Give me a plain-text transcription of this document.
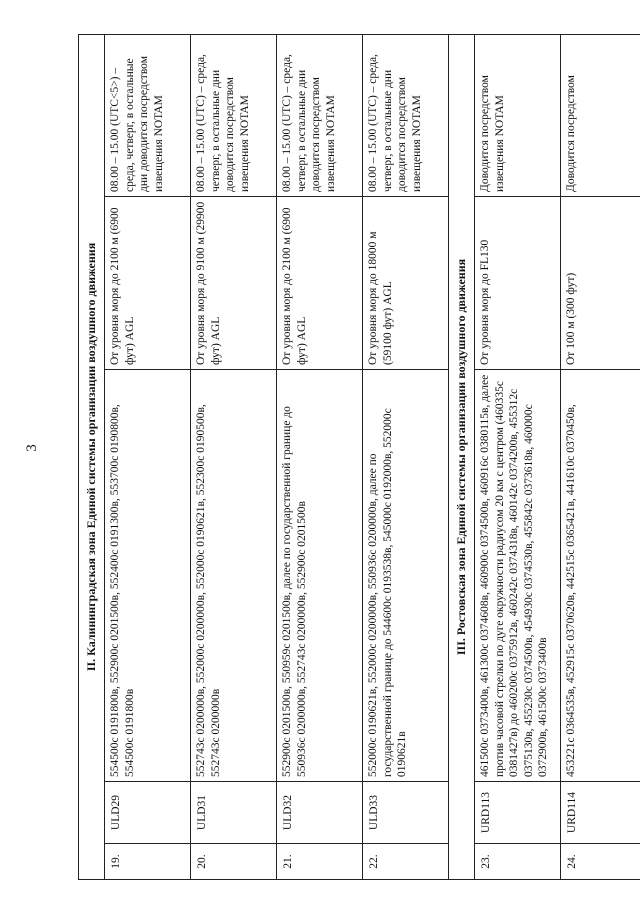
3	II. Калининградская зона Единой системы организации воздушного движения				
19.	ULD29	554500с 0191800в, 552900с 0201500в, 552400с 0191300в, 553700с 0190800в, 554500с 0191800в	От уровня моря до 2100 м (6900 фут) AGL	08.00 – 15.00 (UTC<5>) – среда, четверг, в остальные дни доводится посредством извещения NOTAM
20.	ULD31	552743с 0200000в, 552000с 0200000в, 552000с 0190621в, 552300с 0190500в, 552743с 0200000в	От уровня моря до 9100 м (29900 фут) AGL	08.00 – 15.00 (UTC) – среда, четверг, в остальные дни доводится посредством извещения NOTAM
21.	ULD32	552900с 0201500в, 550959с 0201500в, далее по государственной границе до 550936с 0200000в, 552743с 0200000в, 552900с 0201500в	От уровня моря до 2100 м (6900 фут) AGL	08.00 – 15.00 (UTC) – среда, четверг, в остальные дни доводится посредством извещения NOTAM
22.	ULD33	552000с 0190621в, 552000с 0200000в, 550936с 0200000в, далее по государственной границе до 544600с 0193538в, 545000с 0192000в, 552000с 0190621в	От уровня моря до 18000 м (59100 фут) AGL	08.00 – 15.00 (UTC) – среда, четверг, в остальные дни доводится посредством извещения NOTAM
III. Ростовская зона Единой системы организации воздушного движения				
23.	URD113	461500с 0373400в, 461300с 0374608в, 460900с 0374500в, 460916с 0380115в, далее против часовой стрелки по дуге окружности радиусом 20 км с центром (460335с 0381427в) до 460200с 0375912в, 460242с 0374318в, 460142с 0374200в, 455312с 0375130в, 455230с 0374500в, 454930с 0374530в, 455842с 0373618в, 460000с 0372900в, 461500с 0373400в	От уровня моря до FL130	Доводится посредством извещения NOTAM
24.	URD114	453221с 0364535в, 452915с 0370620в, 442515с 0365421в, 441610с 0370450в,	От 100 м (300 фут)	Доводится посредством
